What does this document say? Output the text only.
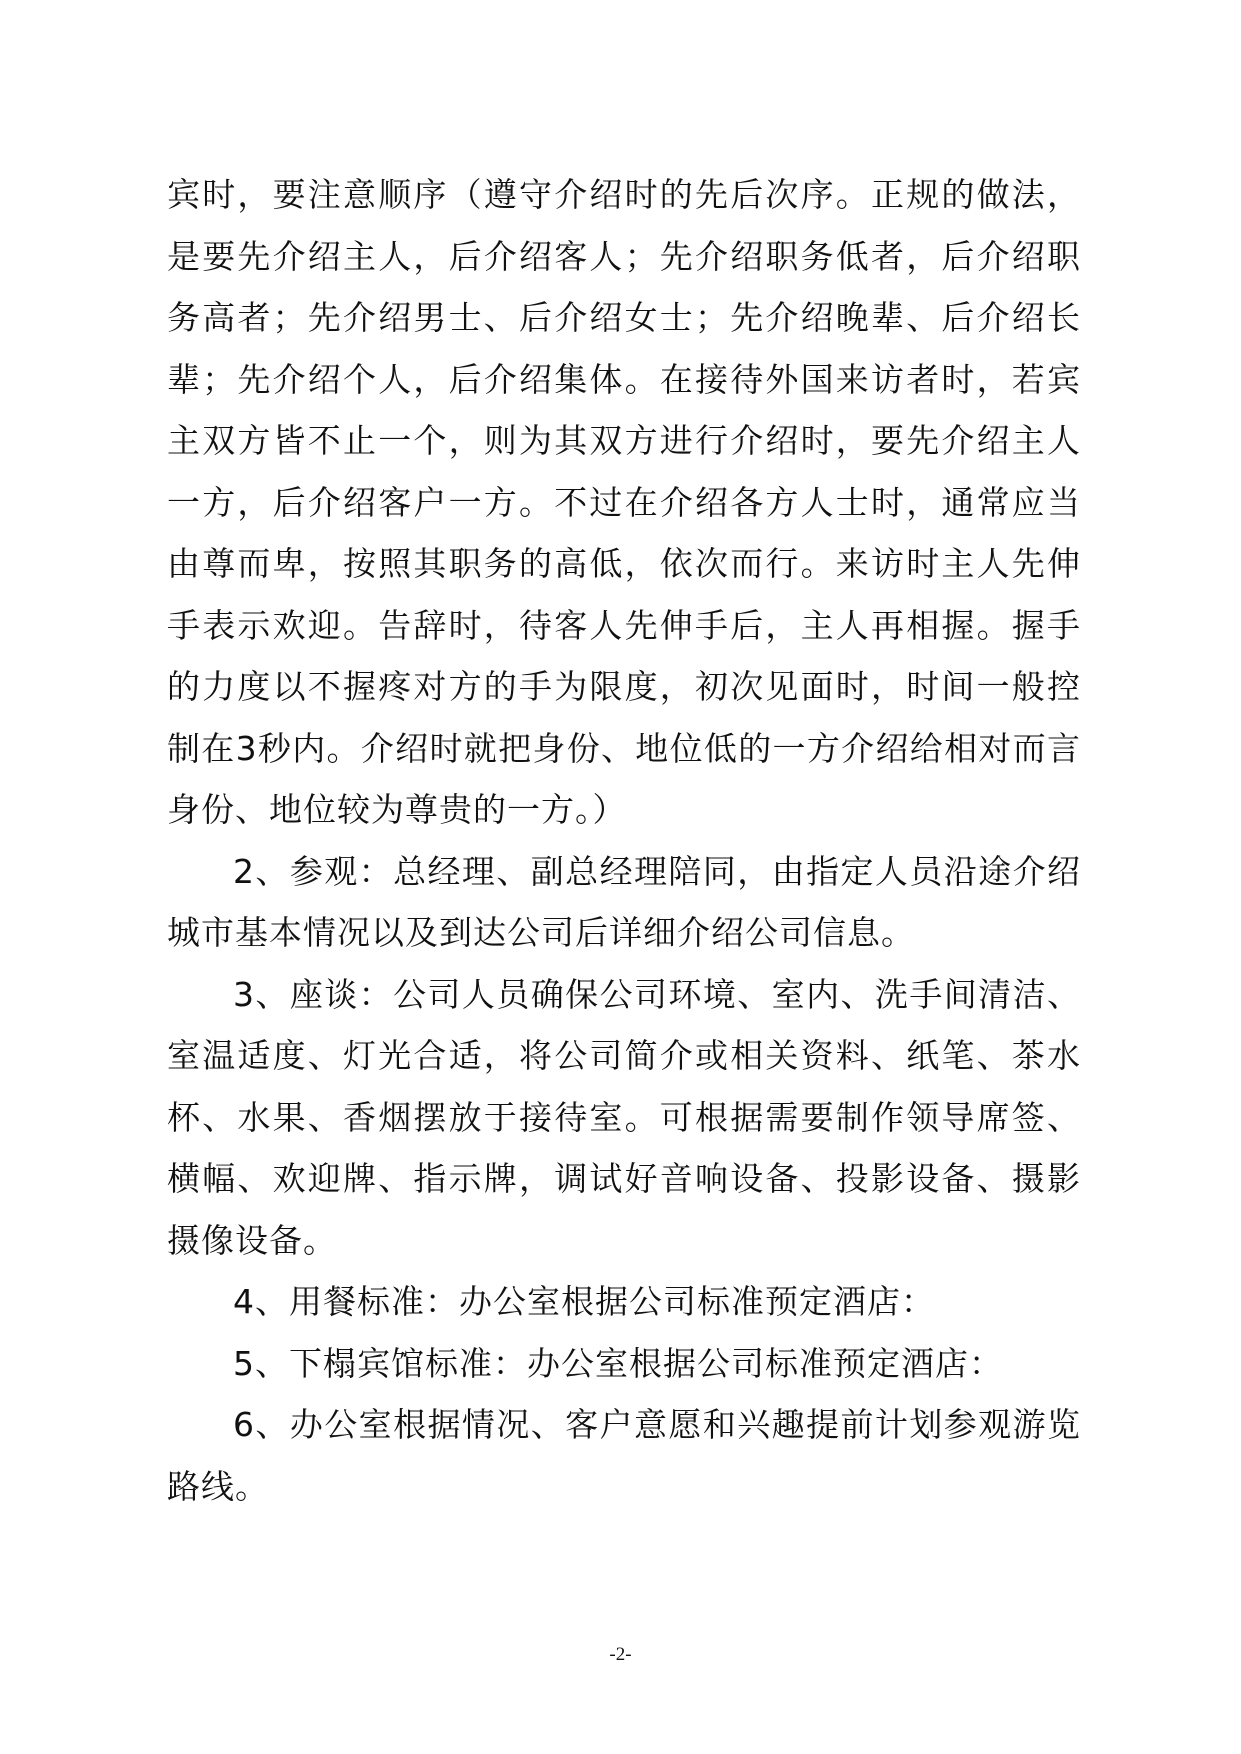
宾时，要注意顺序（遵守介绍时的先后次序。正规的做法，是要先介绍主人，后介绍客人；先介绍职务低者，后介绍职务高者；先介绍男士、后介绍女士；先介绍晚辈、后介绍长辈；先介绍个人，后介绍集体。在接待外国来访者时，若宾主双方皆不止一个，则为其双方进行介绍时，要先介绍主人一方，后介绍客户一方。不过在介绍各方人士时，通常应当由尊而卑，按照其职务的高低，依次而行。来访时主人先伸手表示欢迎。告辞时，待客人先伸手后，主人再相握。握手的力度以不握疼对方的手为限度，初次见面时，时间一般控制在3秒内。介绍时就把身份、地位低的一方介绍给相对而言身份、地位较为尊贵的一方。）

2、参观：总经理、副总经理陪同，由指定人员沿途介绍城市基本情况以及到达公司后详细介绍公司信息。

3、座谈：公司人员确保公司环境、室内、洗手间清洁、室温适度、灯光合适，将公司简介或相关资料、纸笔、茶水杯、水果、香烟摆放于接待室。可根据需要制作领导席签、横幅、欢迎牌、指示牌，调试好音响设备、投影设备、摄影摄像设备。

4、用餐标准：办公室根据公司标准预定酒店：

5、下榻宾馆标准：办公室根据公司标准预定酒店：

6、办公室根据情况、客户意愿和兴趣提前计划参观游览路线。

-2-
